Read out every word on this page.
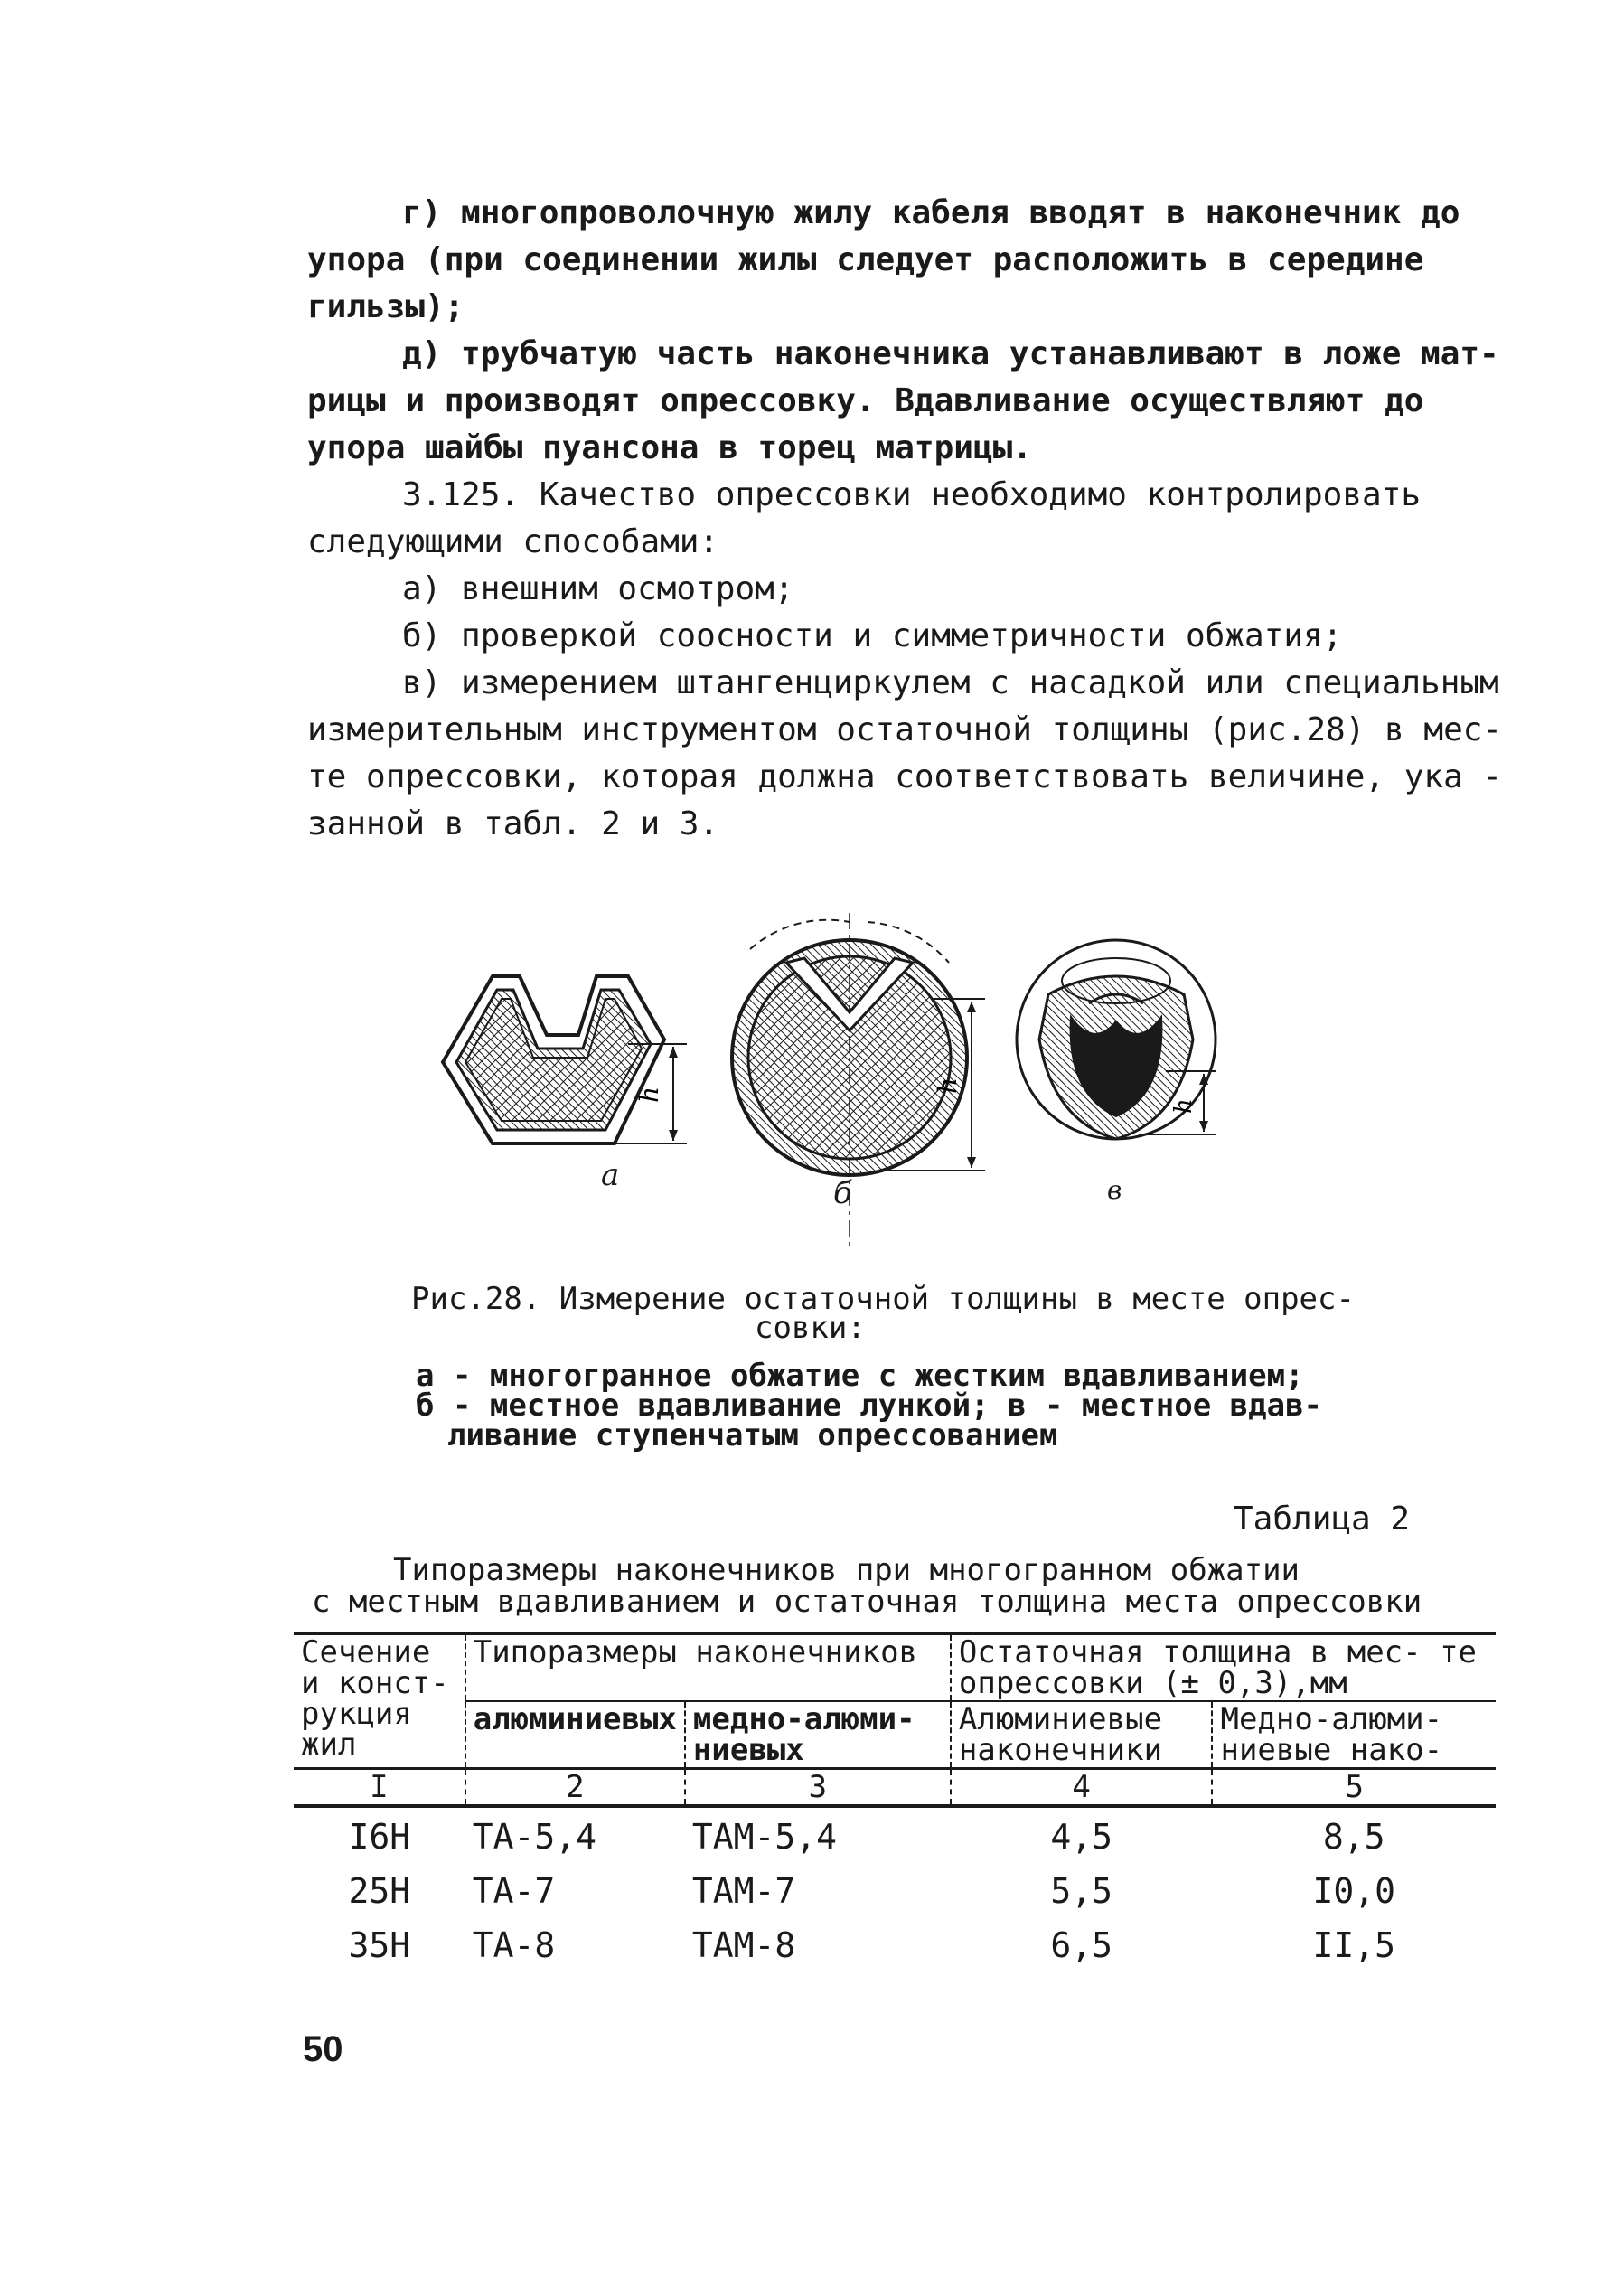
г) многопроволочную жилу кабеля вводят в наконечник до
упора (при соединении жилы следует расположить в середине
гильзы);
д) трубчатую часть наконечника устанавливают в ложе мат-
рицы и производят опрессовку. Вдавливание осуществляют до
упора шайбы пуансона в торец матрицы.
3.125. Качество опрессовки необходимо контролировать
следующими способами:
а) внешним осмотром;
б) проверкой соосности и симметричности обжатия;
в) измерением штангенциркулем с насадкой или специальным
измерительным инструментом остаточной толщины (рис.28) в мес-
те опрессовки, которая должна соответствовать величине, ука -
занной в табл. 2 и 3.
h
h
h
а	б	в
Рис.28. Измерение остаточной толщины в месте опрес-
совки:
а - многогранное обжатие с жестким вдавливанием;
б - местное вдавливание лункой; в - местное вдав-
ливание ступенчатым опрессованием
Таблица 2
Типоразмеры наконечников при многогранном обжатии
с местным вдавливанием и остаточная толщина места опрессовки
Сечение и конст- рукция жил	Типоразмеры наконечников		Остаточная толщина в мес- те опрессовки (± 0,3),мм	
	алюминиевых	медно-алюми- ниевых	Алюминиевые наконечники	Медно-алюми- ниевые нако-
I	2	3	4	5
I6Н	ТА-5,4	ТАМ-5,4	4,5	8,5
25Н	ТА-7	ТАМ-7	5,5	I0,0
35Н	ТА-8	ТАМ-8	6,5	II,5
50
